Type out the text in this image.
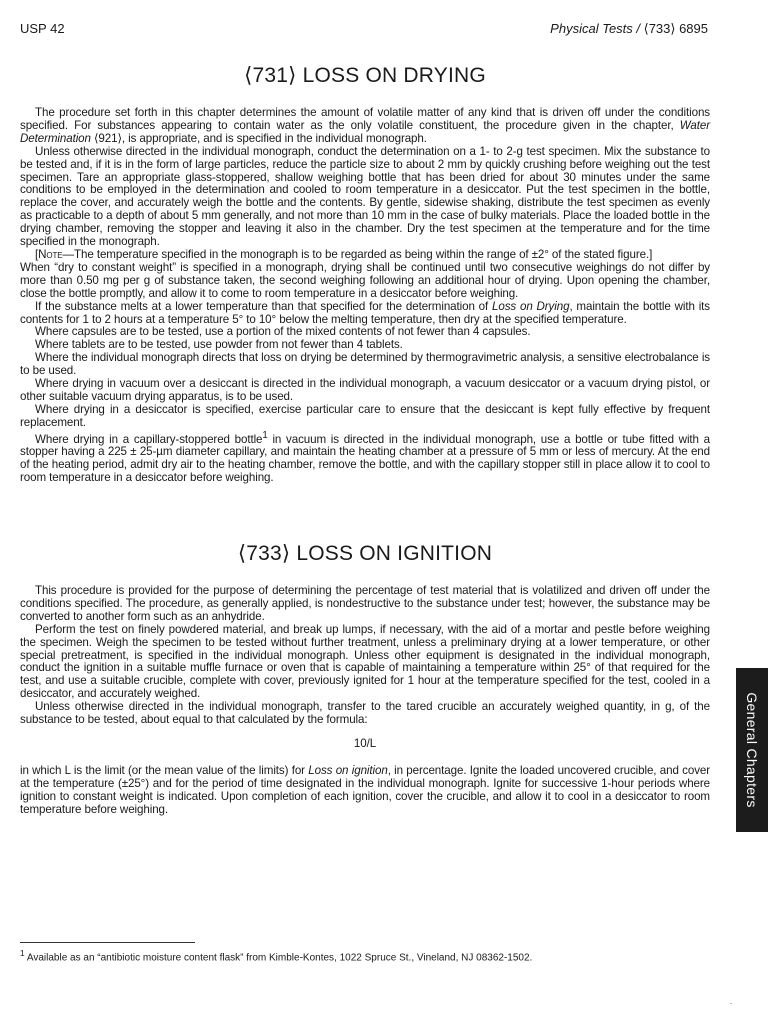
USP 42	Physical Tests / ⟨733⟩ 6895
⟨731⟩ LOSS ON DRYING

The procedure set forth in this chapter determines the amount of volatile matter of any kind that is driven off under the conditions specified. For substances appearing to contain water as the only volatile constituent, the procedure given in the chapter, Water Determination ⟨921⟩, is appropriate, and is specified in the individual monograph.

Unless otherwise directed in the individual monograph, conduct the determination on a 1- to 2-g test specimen. Mix the substance to be tested and, if it is in the form of large particles, reduce the particle size to about 2 mm by quickly crushing before weighing out the test specimen. Tare an appropriate glass-stoppered, shallow weighing bottle that has been dried for about 30 minutes under the same conditions to be employed in the determination and cooled to room temperature in a desiccator. Put the test specimen in the bottle, replace the cover, and accurately weigh the bottle and the contents. By gentle, sidewise shaking, distribute the test specimen as evenly as practicable to a depth of about 5 mm generally, and not more than 10 mm in the case of bulky materials. Place the loaded bottle in the drying chamber, removing the stopper and leaving it also in the chamber. Dry the test specimen at the temperature and for the time specified in the monograph.

[Note—The temperature specified in the monograph is to be regarded as being within the range of ±2° of the stated figure.]

When “dry to constant weight” is specified in a monograph, drying shall be continued until two consecutive weighings do not differ by more than 0.50 mg per g of substance taken, the second weighing following an additional hour of drying. Upon opening the chamber, close the bottle promptly, and allow it to come to room temperature in a desiccator before weighing.

If the substance melts at a lower temperature than that specified for the determination of Loss on Drying, maintain the bottle with its contents for 1 to 2 hours at a temperature 5° to 10° below the melting temperature, then dry at the specified temperature.

Where capsules are to be tested, use a portion of the mixed contents of not fewer than 4 capsules.

Where tablets are to be tested, use powder from not fewer than 4 tablets.

Where the individual monograph directs that loss on drying be determined by thermogravimetric analysis, a sensitive electrobalance is to be used.

Where drying in vacuum over a desiccant is directed in the individual monograph, a vacuum desiccator or a vacuum drying pistol, or other suitable vacuum drying apparatus, is to be used.

Where drying in a desiccator is specified, exercise particular care to ensure that the desiccant is kept fully effective by frequent replacement.

Where drying in a capillary-stoppered bottle$^1$ in vacuum is directed in the individual monograph, use a bottle or tube fitted with a stopper having a 225 ± 25-µm diameter capillary, and maintain the heating chamber at a pressure of 5 mm or less of mercury. At the end of the heating period, admit dry air to the heating chamber, remove the bottle, and with the capillary stopper still in place allow it to cool to room temperature in a desiccator before weighing.

⟨733⟩ LOSS ON IGNITION

This procedure is provided for the purpose of determining the percentage of test material that is volatilized and driven off under the conditions specified. The procedure, as generally applied, is nondestructive to the substance under test; however, the substance may be converted to another form such as an anhydride.

Perform the test on finely powdered material, and break up lumps, if necessary, with the aid of a mortar and pestle before weighing the specimen. Weigh the specimen to be tested without further treatment, unless a preliminary drying at a lower temperature, or other special pretreatment, is specified in the individual monograph. Unless other equipment is designated in the individual monograph, conduct the ignition in a suitable muffle furnace or oven that is capable of maintaining a temperature within 25° of that required for the test, and use a suitable crucible, complete with cover, previously ignited for 1 hour at the temperature specified for the test, cooled in a desiccator, and accurately weighed.

Unless otherwise directed in the individual monograph, transfer to the tared crucible an accurately weighed quantity, in g, of the substance to be tested, about equal to that calculated by the formula:

10/L

in which L is the limit (or the mean value of the limits) for Loss on ignition, in percentage. Ignite the loaded uncovered crucible, and cover at the temperature (±25°) and for the period of time designated in the individual monograph. Ignite for successive 1-hour periods where ignition to constant weight is indicated. Upon completion of each ignition, cover the crucible, and allow it to cool in a desiccator to room temperature before weighing.

General Chapters
$^1$ Available as an “antibiotic moisture content flask” from Kimble-Kontes, 1022 Spruce St., Vineland, NJ 08362-1502.
